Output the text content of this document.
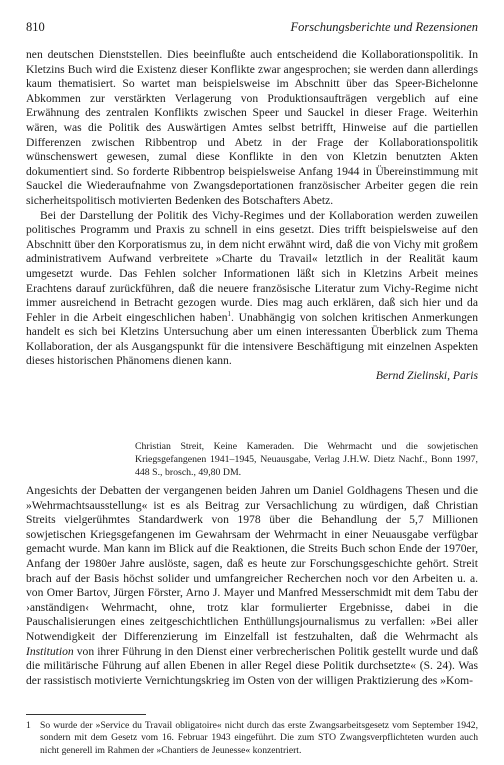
810	Forschungsberichte und Rezensionen

nen deutschen Dienststellen. Dies beeinflußte auch entscheidend die Kollaborationspolitik. In Kletzins Buch wird die Existenz dieser Konflikte zwar angesprochen; sie werden dann allerdings kaum thematisiert. So wartet man beispielsweise im Abschnitt über das Speer-Bichelonne Abkommen zur verstärkten Verlagerung von Produktionsaufträgen vergeblich auf eine Erwähnung des zentralen Konflikts zwischen Speer und Sauckel in dieser Frage. Weiterhin wären, was die Politik des Auswärtigen Amtes selbst betrifft, Hinweise auf die partiellen Differenzen zwischen Ribbentrop und Abetz in der Frage der Kollaborationspolitik wünschenswert gewesen, zumal diese Konflikte in den von Kletzin benutzten Akten dokumentiert sind. So forderte Ribbentrop beispielsweise Anfang 1944 in Übereinstimmung mit Sauckel die Wiederaufnahme von Zwangsdeportationen französischer Arbeiter gegen die rein sicherheitspolitisch motivierten Bedenken des Botschafters Abetz.

Bei der Darstellung der Politik des Vichy-Regimes und der Kollaboration werden zuweilen politisches Programm und Praxis zu schnell in eins gesetzt. Dies trifft beispielsweise auf den Abschnitt über den Korporatismus zu, in dem nicht erwähnt wird, daß die von Vichy mit großem administrativem Aufwand verbreitete »Charte du Travail« letztlich in der Realität kaum umgesetzt wurde. Das Fehlen solcher Informationen läßt sich in Kletzins Arbeit meines Erachtens darauf zurückführen, daß die neuere französische Literatur zum Vichy-Regime nicht immer ausreichend in Betracht gezogen wurde. Dies mag auch erklären, daß sich hier und da Fehler in die Arbeit eingeschlichen haben$^1$. Unabhängig von solchen kritischen Anmerkungen handelt es sich bei Kletzins Untersuchung aber um einen interessanten Überblick zum Thema Kollaboration, der als Ausgangspunkt für die intensivere Beschäftigung mit einzelnen Aspekten dieses historischen Phänomens dienen kann.

Bernd Zielinski, Paris

Christian Streit, Keine Kameraden. Die Wehrmacht und die sowjetischen Kriegsgefangenen 1941–1945, Neuausgabe, Verlag J.H.W. Dietz Nachf., Bonn 1997, 448 S., brosch., 49,80 DM.

Angesichts der Debatten der vergangenen beiden Jahren um Daniel Goldhagens Thesen und die »Wehrmachtsausstellung« ist es als Beitrag zur Versachlichung zu würdigen, daß Christian Streits vielgerühmtes Standardwerk von 1978 über die Behandlung der 5,7 Millionen sowjetischen Kriegsgefangenen im Gewahrsam der Wehrmacht in einer Neuausgabe verfügbar gemacht wurde. Man kann im Blick auf die Reaktionen, die Streits Buch schon Ende der 1970er, Anfang der 1980er Jahre auslöste, sagen, daß es heute zur Forschungsgeschichte gehört. Streit brach auf der Basis höchst solider und umfangreicher Recherchen noch vor den Arbeiten u. a. von Omer Bartov, Jürgen Förster, Arno J. Mayer und Manfred Messerschmidt mit dem Tabu der ›anständigen‹ Wehrmacht, ohne, trotz klar formulierter Ergebnisse, dabei in die Pauschalisierungen eines zeitgeschichtlichen Enthüllungsjournalismus zu verfallen: »Bei aller Notwendigkeit der Differenzierung im Einzelfall ist festzuhalten, daß die Wehrmacht als Institution von ihrer Führung in den Dienst einer verbrecherischen Politik gestellt wurde und daß die militärische Führung auf allen Ebenen in aller Regel diese Politik durchsetzte« (S. 24). Was der rassistisch motivierte Vernichtungskrieg im Osten von der willigen Praktizierung des »Kom-

1 So wurde der »Service du Travail obligatoire« nicht durch das erste Zwangsarbeitsgesetz vom September 1942, sondern mit dem Gesetz vom 16. Februar 1943 eingeführt. Die zum STO Zwangsverpflichteten wurden auch nicht generell im Rahmen der »Chantiers de Jeunesse« konzentriert.
